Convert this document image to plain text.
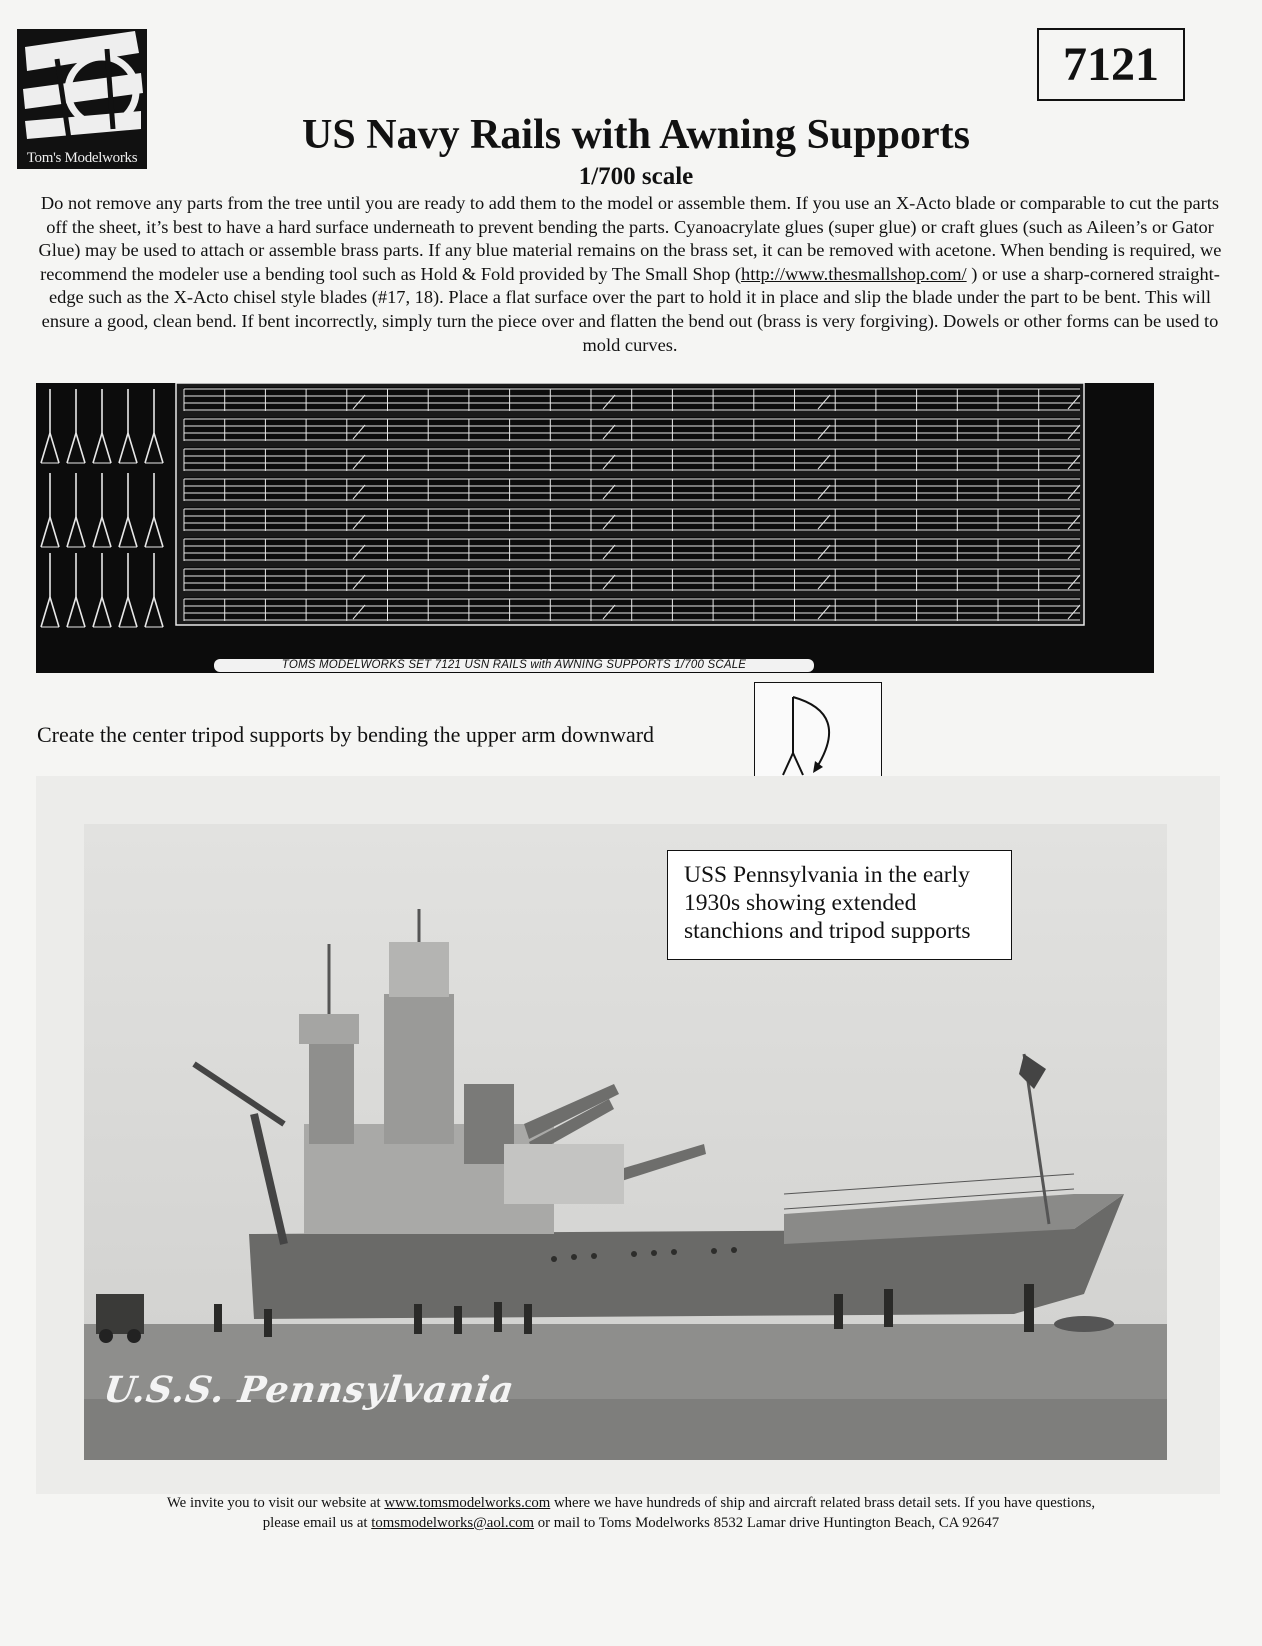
Tom's Modelworks
7121
US Navy Rails with Awning Supports
1/700 scale

Do not remove any parts from the tree until you are ready to add them to the model or assemble them. If you use an X-Acto blade or comparable to cut the parts off the sheet, it’s best to have a hard surface underneath to prevent bending the parts. Cyanoacrylate glues (super glue) or craft glues (such as Aileen’s or Gator Glue) may be used to attach or assemble brass parts. If any blue material remains on the brass set, it can be removed with acetone. When bending is required, we recommend the modeler use a bending tool such as Hold & Fold provided by The Small Shop (http://www.thesmallshop.com/ ) or use a sharp-cornered straight-edge such as the X-Acto chisel style blades (#17, 18). Place a flat surface over the part to hold it in place and slip the blade under the part to be bent. This will ensure a good, clean bend. If bent incorrectly, simply turn the piece over and flatten the bend out (brass is very forgiving). Dowels or other forms can be used to mold curves.

TOMS MODELWORKS SET 7121 USN RAILS with AWNING SUPPORTS 1/700 SCALE
Create the center tripod supports by bending the upper arm downward
U.S.S. Pennsylvania
USS Pennsylvania in the early
1930s showing extended
stanchions and tripod supports
We invite you to visit our website at www.tomsmodelworks.com where we have hundreds of ship and aircraft related brass detail sets. If you have questions,
please email us at tomsmodelworks@aol.com or mail to Toms Modelworks 8532 Lamar drive Huntington Beach, CA 92647
